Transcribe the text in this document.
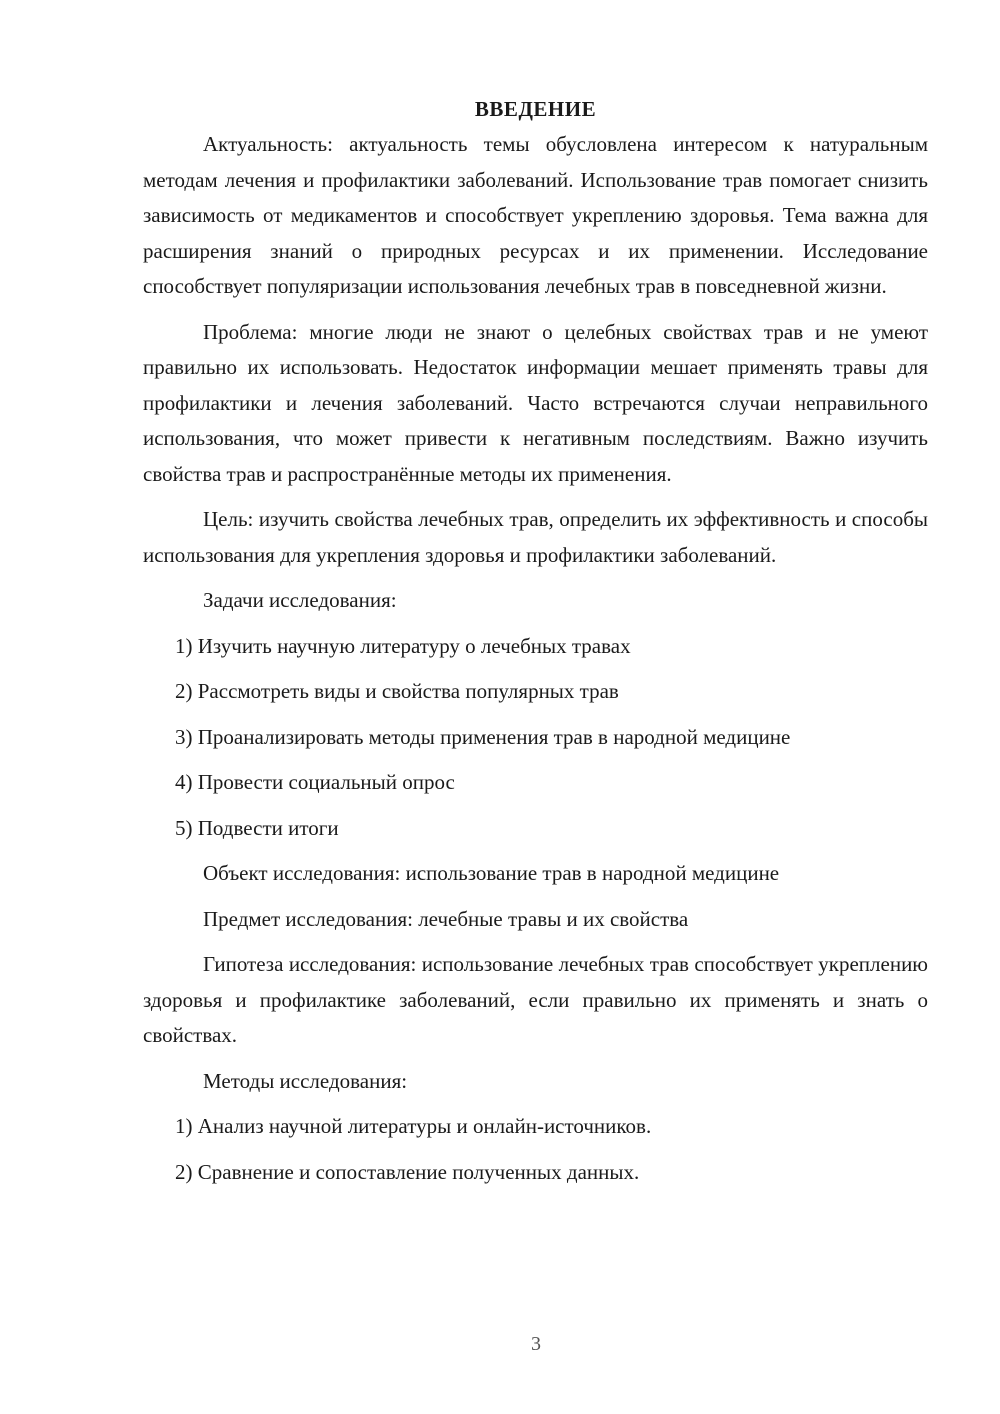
ВВЕДЕНИЕ

Актуальность: актуальность темы обусловлена интересом к натуральным методам лечения и профилактики заболеваний. Использование трав помогает снизить зависимость от медикаментов и способствует укреплению здоровья. Тема важна для расширения знаний о природных ресурсах и их применении. Исследование способствует популяризации использования лечебных трав в повседневной жизни.

Проблема: многие люди не знают о целебных свойствах трав и не умеют правильно их использовать. Недостаток информации мешает применять травы для профилактики и лечения заболеваний. Часто встречаются случаи неправильного использования, что может привести к негативным последствиям. Важно изучить свойства трав и распространённые методы их применения.

Цель: изучить свойства лечебных трав, определить их эффективность и способы использования для укрепления здоровья и профилактики заболеваний.

Задачи исследования:

1) Изучить научную литературу о лечебных травах

2) Рассмотреть виды и свойства популярных трав

3) Проанализировать методы применения трав в народной медицине

4) Провести социальный опрос

5) Подвести итоги

Объект исследования: использование трав в народной медицине

Предмет исследования: лечебные травы и их свойства

Гипотеза исследования: использование лечебных трав способствует укреплению здоровья и профилактике заболеваний, если правильно их применять и знать о свойствах.

Методы исследования:

1) Анализ научной литературы и онлайн-источников.

2) Сравнение и сопоставление полученных данных.

3
